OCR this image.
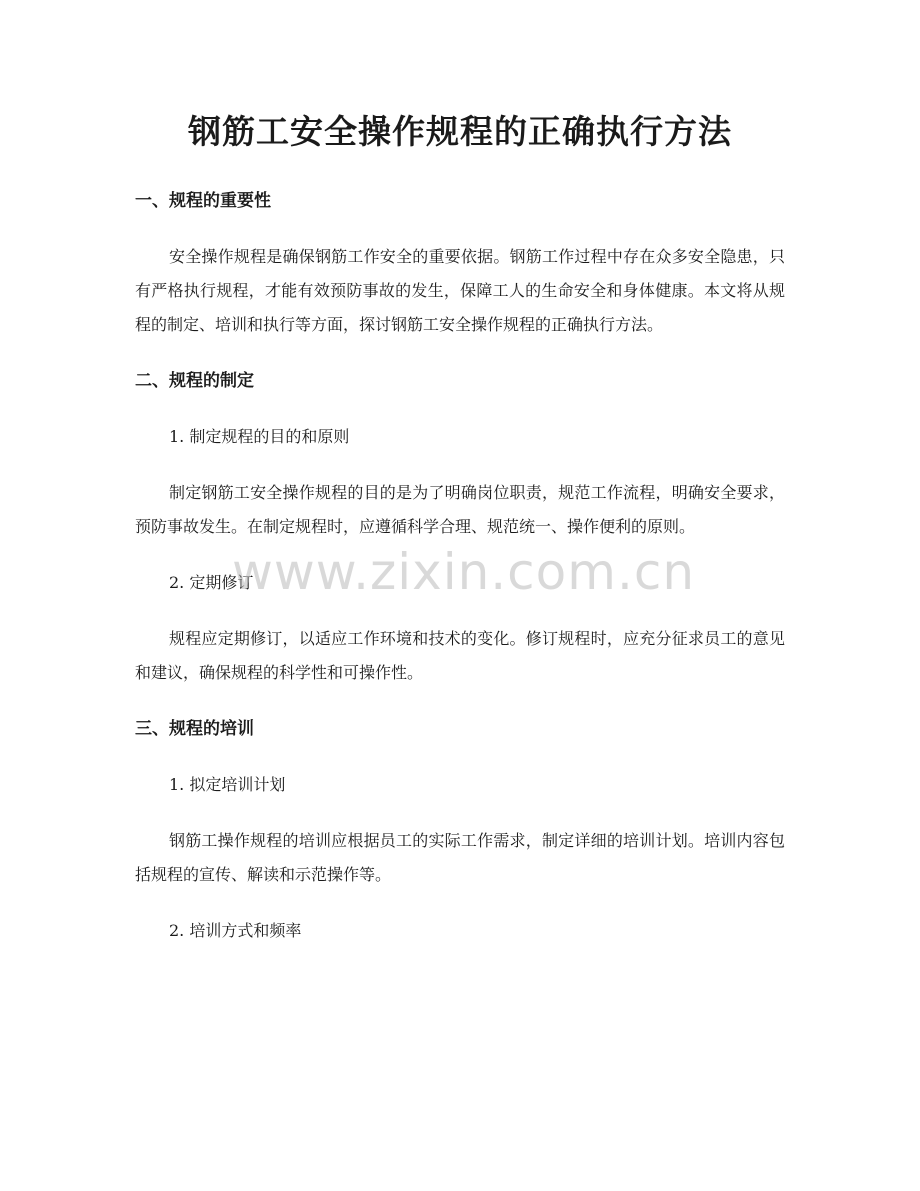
钢筋工安全操作规程的正确执行方法
一、规程的重要性

安全操作规程是确保钢筋工作安全的重要依据。钢筋工作过程中存在众多安全隐患，只有严格执行规程，才能有效预防事故的发生，保障工人的生命安全和身体健康。本文将从规程的制定、培训和执行等方面，探讨钢筋工安全操作规程的正确执行方法。

二、规程的制定

1. 制定规程的目的和原则

制定钢筋工安全操作规程的目的是为了明确岗位职责，规范工作流程，明确安全要求，预防事故发生。在制定规程时，应遵循科学合理、规范统一、操作便利的原则。

2. 定期修订

规程应定期修订，以适应工作环境和技术的变化。修订规程时，应充分征求员工的意见和建议，确保规程的科学性和可操作性。

三、规程的培训

1. 拟定培训计划

钢筋工操作规程的培训应根据员工的实际工作需求，制定详细的培训计划。培训内容包括规程的宣传、解读和示范操作等。

2. 培训方式和频率

www.zixin.com.cn
